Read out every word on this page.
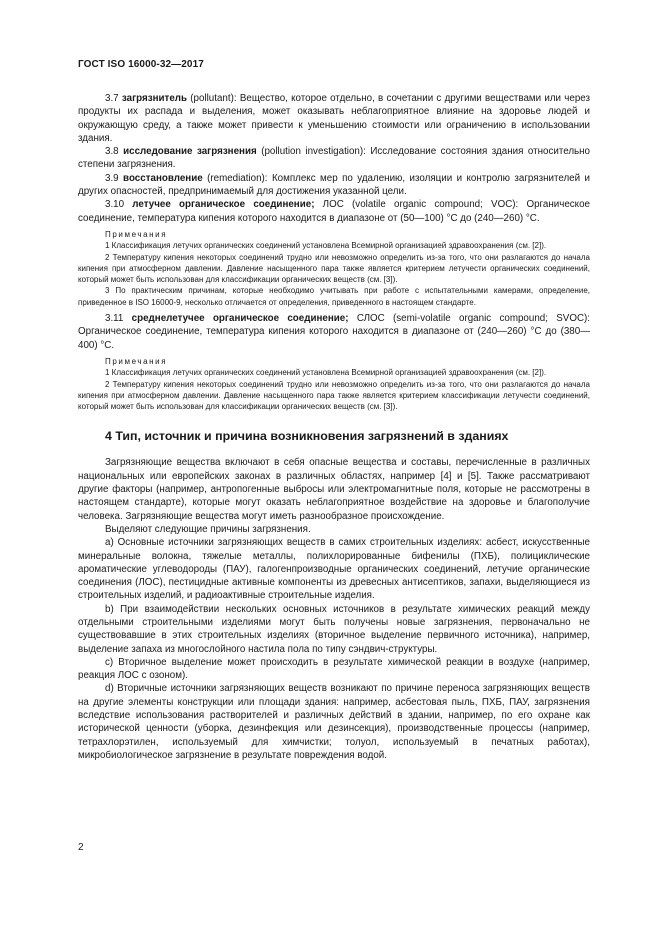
ГОСТ ISO 16000-32—2017

3.7 загрязнитель (pollutant): Вещество, которое отдельно, в сочетании с другими веществами или через продукты их распада и выделения, может оказывать неблагоприятное влияние на здоровье людей и окружающую среду, а также может привести к уменьшению стоимости или ограничению в использовании здания.

3.8 исследование загрязнения (pollution investigation): Исследование состояния здания относительно степени загрязнения.

3.9 восстановление (remediation): Комплекс мер по удалению, изоляции и контролю загрязнителей и других опасностей, предпринимаемый для достижения указанной цели.

3.10 летучее органическое соединение; ЛОС (volatile organic compound; VOC): Органическое соединение, температура кипения которого находится в диапазоне от (50—100) °С до (240—260) °С.

Примечания

1 Классификация летучих органических соединений установлена Всемирной организацией здравоохранения (см. [2]).

2 Температуру кипения некоторых соединений трудно или невозможно определить из-за того, что они разлагаются до начала кипения при атмосферном давлении. Давление насыщенного пара также является критерием летучести органических соединений, который может быть использован для классификации органических веществ (см. [3]).

3 По практическим причинам, которые необходимо учитывать при работе с испытательными камерами, определение, приведенное в ISO 16000-9, несколько отличается от определения, приведенного в настоящем стандарте.

3.11 среднелетучее органическое соединение; СЛОС (semi-volatile organic compound; SVOC): Органическое соединение, температура кипения которого находится в диапазоне от (240—260) °С до (380—400) °С.

Примечания

1 Классификация летучих органических соединений установлена Всемирной организацией здравоохранения (см. [2]).

2 Температуру кипения некоторых соединений трудно или невозможно определить из-за того, что они разлагаются до начала кипения при атмосферном давлении. Давление насыщенного пара также является критерием классификации летучести соединений, который может быть использован для классификации органических веществ (см. [3]).

4 Тип, источник и причина возникновения загрязнений в зданиях

Загрязняющие вещества включают в себя опасные вещества и составы, перечисленные в различных национальных или европейских законах в различных областях, например [4] и [5]. Также рассматривают другие факторы (например, антропогенные выбросы или электромагнитные поля, которые не рассмотрены в настоящем стандарте), которые могут оказать неблагоприятное воздействие на здоровье и благополучие человека. Загрязняющие вещества могут иметь разнообразное происхождение.

Выделяют следующие причины загрязнения.

а) Основные источники загрязняющих веществ в самих строительных изделиях: асбест, искусственные минеральные волокна, тяжелые металлы, полихлорированные бифенилы (ПХБ), полициклические ароматические углеводороды (ПАУ), галогенпроизводные органических соединений, летучие органические соединения (ЛОС), пестицидные активные компоненты из древесных антисептиков, запахи, выделяющиеся из строительных изделий, и радиоактивные строительные изделия.

b) При взаимодействии нескольких основных источников в результате химических реакций между отдельными строительными изделиями могут быть получены новые загрязнения, первоначально не существовавшие в этих строительных изделиях (вторичное выделение первичного источника), например, выделение запаха из многослойного настила пола по типу сэндвич-структуры.

c) Вторичное выделение может происходить в результате химической реакции в воздухе (например, реакция ЛОС с озоном).

d) Вторичные источники загрязняющих веществ возникают по причине переноса загрязняющих веществ на другие элементы конструкции или площади здания: например, асбестовая пыль, ПХБ, ПАУ, загрязнения вследствие использования растворителей и различных действий в здании, например, по его охране как исторической ценности (уборка, дезинфекция или дезинсекция), производственные процессы (например, тетрахлорэтилен, используемый для химчистки; толуол, используемый в печатных работах), микробиологическое загрязнение в результате повреждения водой.

2
